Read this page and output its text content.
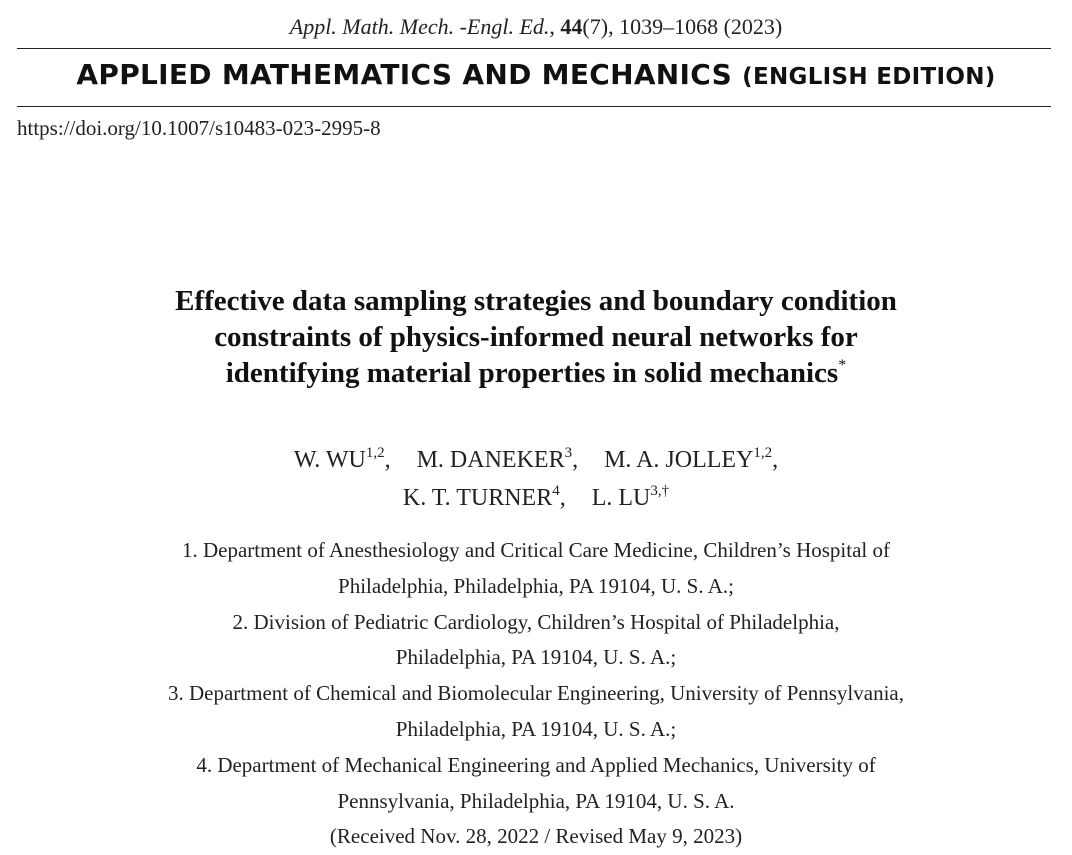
Appl. Math. Mech. -Engl. Ed., 44(7), 1039–1068 (2023)
APPLIED MATHEMATICS AND MECHANICS (ENGLISH EDITION)
https://doi.org/10.1007/s10483-023-2995-8
Effective data sampling strategies and boundary condition
constraints of physics-informed neural networks for
identifying material properties in solid mechanics*
W. WU$^{1,2}$, M. DANEKER$^3$, M. A. JOLLEY$^{1,2}$,
K. T. TURNER$^4$, L. $LU^{3,\dagger}$
1. Department of Anesthesiology and Critical Care Medicine, Children’s Hospital of
Philadelphia, Philadelphia, PA 19104, U. S. A.;
2. Division of Pediatric Cardiology, Children’s Hospital of Philadelphia,
Philadelphia, PA 19104, U. S. A.;
3. Department of Chemical and Biomolecular Engineering, University of Pennsylvania,
Philadelphia, PA 19104, U. S. A.;
4. Department of Mechanical Engineering and Applied Mechanics, University of
Pennsylvania, Philadelphia, PA 19104, U. S. A.
(Received Nov. 28, 2022 / Revised May 9, 2023)
